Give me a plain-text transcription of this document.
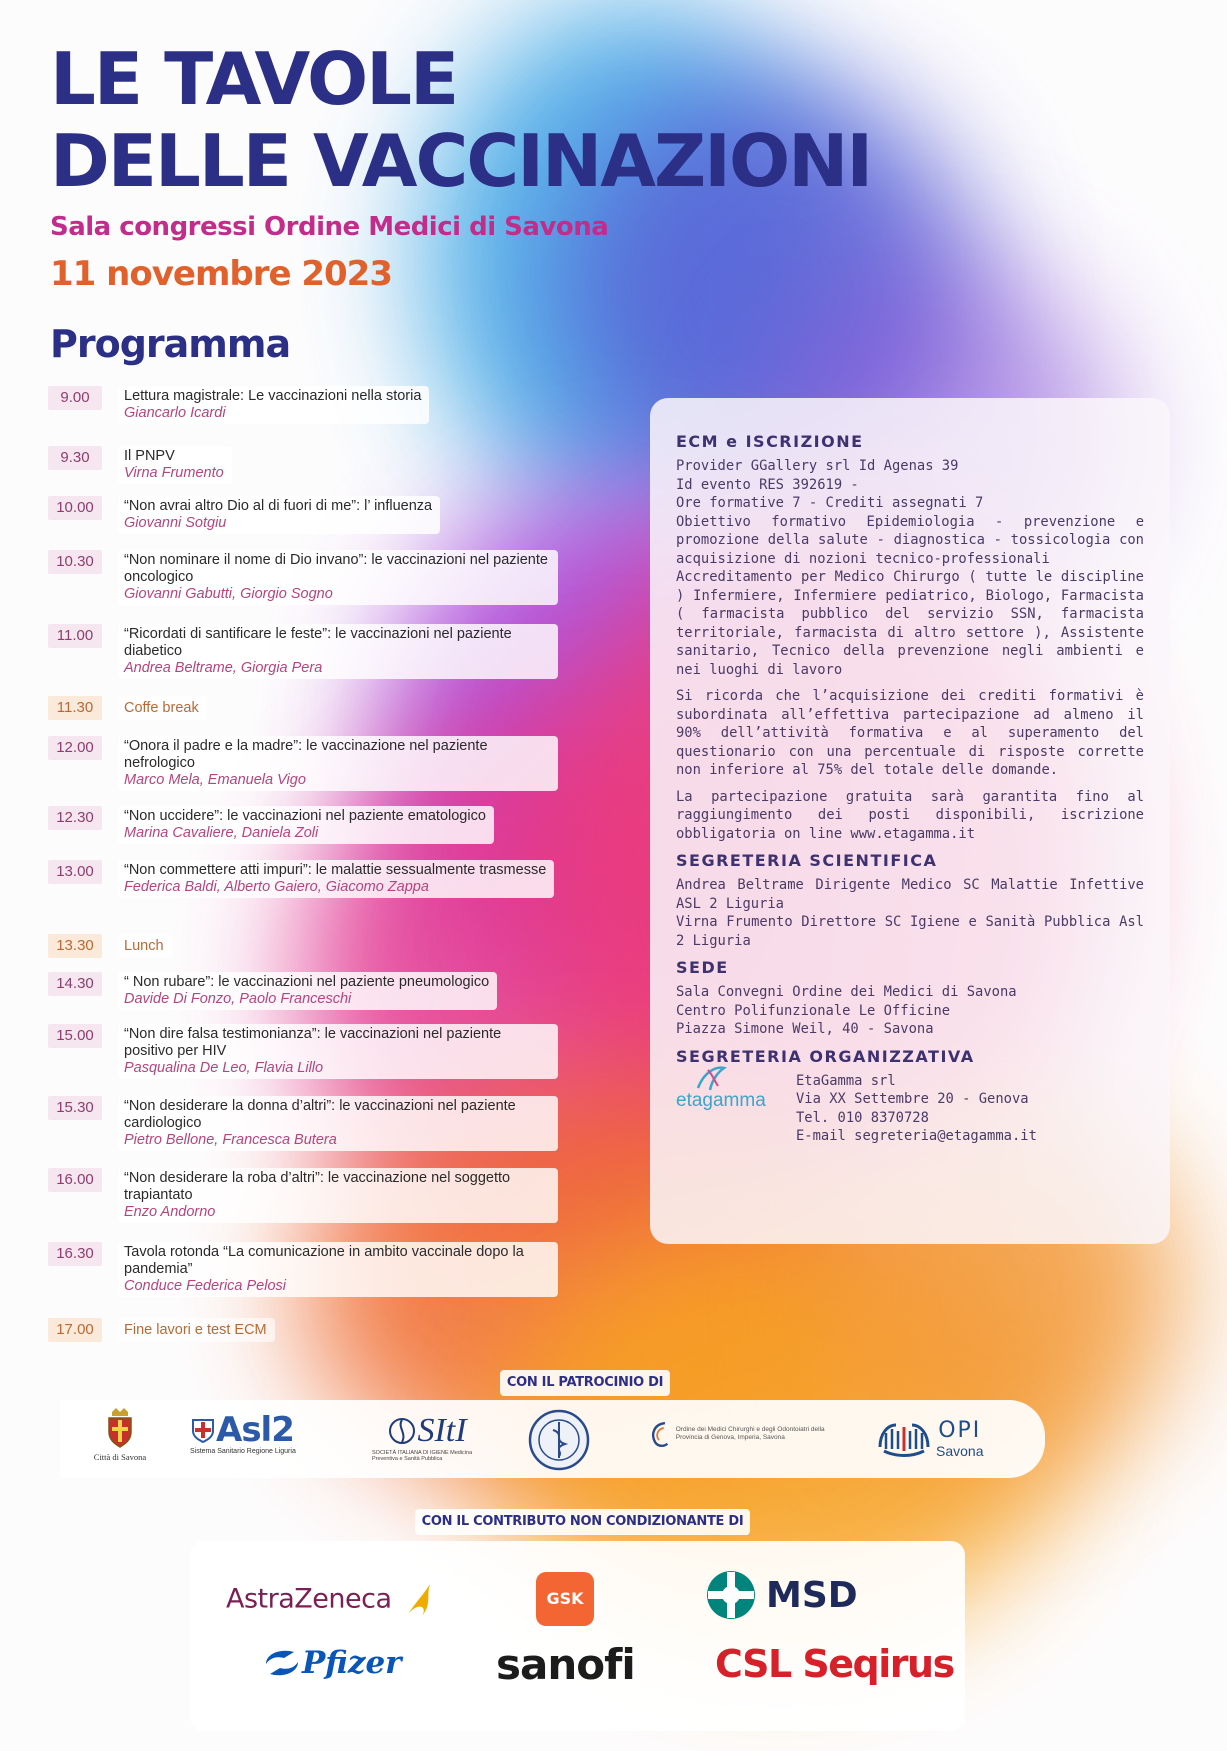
LE TAVOLE
DELLE VACCINAZIONI
Sala congressi Ordine Medici di Savona
11 novembre 2023
Programma
9.00	Lettura magistrale: Le vaccinazioni nella storia
Giancarlo Icardi
9.30	Il PNPV
Virna Frumento
10.00	“Non avrai altro Dio al di fuori di me”: l’ influenza
Giovanni Sotgiu
10.30	“Non nominare il nome di Dio invano”: le vaccinazioni nel paziente oncologico
Giovanni Gabutti, Giorgio Sogno
11.00	“Ricordati di santificare le feste”: le vaccinazioni nel paziente diabetico
Andrea Beltrame, Giorgia Pera
11.30	Coffe break
12.00	“Onora il padre e la madre”: le vaccinazione nel paziente nefrologico
Marco Mela, Emanuela Vigo
12.30	“Non uccidere”: le vaccinazioni nel paziente ematologico
Marina Cavaliere, Daniela Zoli
13.00	“Non commettere atti impuri”: le malattie sessualmente trasmesse
Federica Baldi, Alberto Gaiero, Giacomo Zappa
13.30	Lunch
14.30	“ Non rubare”: le vaccinazioni nel paziente pneumologico
Davide Di Fonzo, Paolo Franceschi
15.00	“Non dire falsa testimonianza”: le vaccinazioni nel paziente positivo per HIV
Pasqualina De Leo, Flavia Lillo
15.30	“Non desiderare la donna d’altri”: le vaccinazioni nel paziente cardiologico
Pietro Bellone, Francesca Butera
16.00	“Non desiderare la roba d’altri”: le vaccinazione nel soggetto trapiantato
Enzo Andorno
16.30	Tavola rotonda “La comunicazione in ambito vaccinale dopo la pandemia”
Conduce Federica Pelosi
17.00	Fine lavori e test ECM
ECM e ISCRIZIONE
Provider GGallery srl Id Agenas 39
Id evento RES 392619 -
Ore formative 7 - Crediti assegnati 7
Obiettivo formativo Epidemiologia - prevenzione e promozione della salute - diagnostica - tossicologia con acquisizione di nozioni tecnico-professionali
Accreditamento per Medico Chirurgo ( tutte le discipline ) Infermiere, Infermiere pediatrico, Biologo, Farmacista ( farmacista pubblico del servizio SSN, farmacista territoriale, farmacista di altro settore ), Assistente sanitario, Tecnico della prevenzione negli ambienti e nei luoghi di lavoro
Si ricorda che l’acquisizione dei crediti formativi è subordinata all’effettiva partecipazione ad almeno il 90% dell’attività formativa e al superamento del questionario con una percentuale di risposte corrette non inferiore al 75% del totale delle domande.
La partecipazione gratuita sarà garantita fino al raggiungimento dei posti disponibili, iscrizione obbligatoria on line www.etagamma.it
SEGRETERIA SCIENTIFICA
Andrea Beltrame Dirigente Medico SC Malattie Infettive ASL 2 Liguria
Virna Frumento Direttore SC Igiene e Sanità Pubblica Asl 2 Liguria
SEDE
Sala Convegni Ordine dei Medici di Savona
Centro Polifunzionale Le Officine
Piazza Simone Weil, 40 - Savona
SEGRETERIA ORGANIZZATIVA
etagamma
EtaGamma srl
Via XX Settembre 20 - Genova
Tel. 010 8370728
E-mail segreteria@etagamma.it
CON IL PATROCINIO DI
Città di Savona
Asl2
Sistema Sanitario Regione Liguria
SItI
SOCIETÀ ITALIANA DI IGIENE Medicina Preventiva e Sanità Pubblica
Ordine dei Medici Chirurghi e degli Odontoiatri della Provincia di Genova, Imperia, Savona	OPI
Savona
CON IL CONTRIBUTO NON CONDIZIONANTE DI
AstraZeneca	GSK	MSD
Pfizer sanofi CSL Seqirus
